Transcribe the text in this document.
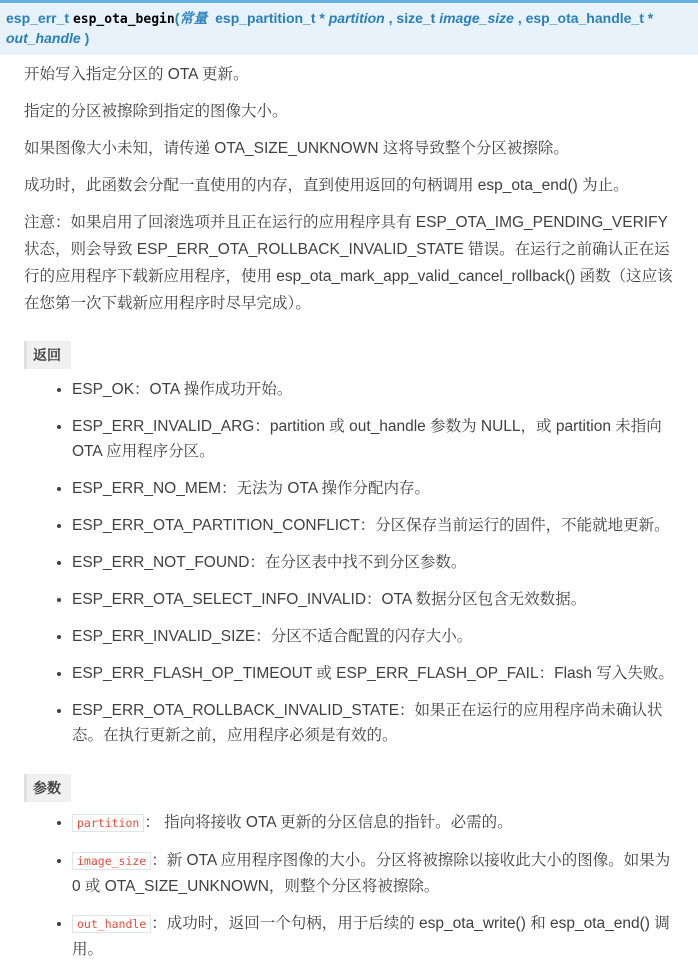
esp_err_t esp_ota_begin(常量 esp_partition_t * partition , size_t image_size , esp_ota_handle_t *
out_handle )

开始写入指定分区的 OTA 更新。

指定的分区被擦除到指定的图像大小。

如果图像大小未知，请传递 OTA_SIZE_UNKNOWN 这将导致整个分区被擦除。

成功时，此函数会分配一直使用的内存，直到使用返回的句柄调用 esp_ota_end() 为止。

注意：如果启用了回滚选项并且正在运行的应用程序具有 ESP_OTA_IMG_PENDING_VERIFY 状态，则会导致 ESP_ERR_OTA_ROLLBACK_INVALID_STATE 错误。在运行之前确认正在运行的应用程序下载新应用程序，使用 esp_ota_mark_app_valid_cancel_rollback() 函数（这应该在您第一次下载新应用程序时尽早完成）。

返回
• ESP_OK：OTA 操作成功开始。
• ESP_ERR_INVALID_ARG：partition 或 out_handle 参数为 NULL，或 partition 未指向 OTA 应用程序分区。
• ESP_ERR_NO_MEM：无法为 OTA 操作分配内存。
• ESP_ERR_OTA_PARTITION_CONFLICT：分区保存当前运行的固件，不能就地更新。
• ESP_ERR_NOT_FOUND：在分区表中找不到分区参数。
• ESP_ERR_OTA_SELECT_INFO_INVALID：OTA 数据分区包含无效数据。
• ESP_ERR_INVALID_SIZE：分区不适合配置的闪存大小。
• ESP_ERR_FLASH_OP_TIMEOUT 或 ESP_ERR_FLASH_OP_FAIL：Flash 写入失败。
• ESP_ERR_OTA_ROLLBACK_INVALID_STATE：如果正在运行的应用程序尚未确认状态。在执行更新之前，应用程序必须是有效的。
参数
• partition ： 指向将接收 OTA 更新的分区信息的指针。必需的。
• image_size ：新 OTA 应用程序图像的大小。分区将被擦除以接收此大小的图像。如果为 0 或 OTA_SIZE_UNKNOWN，则整个分区将被擦除。
• out_handle ：成功时，返回一个句柄，用于后续的 esp_ota_write() 和 esp_ota_end() 调用。
